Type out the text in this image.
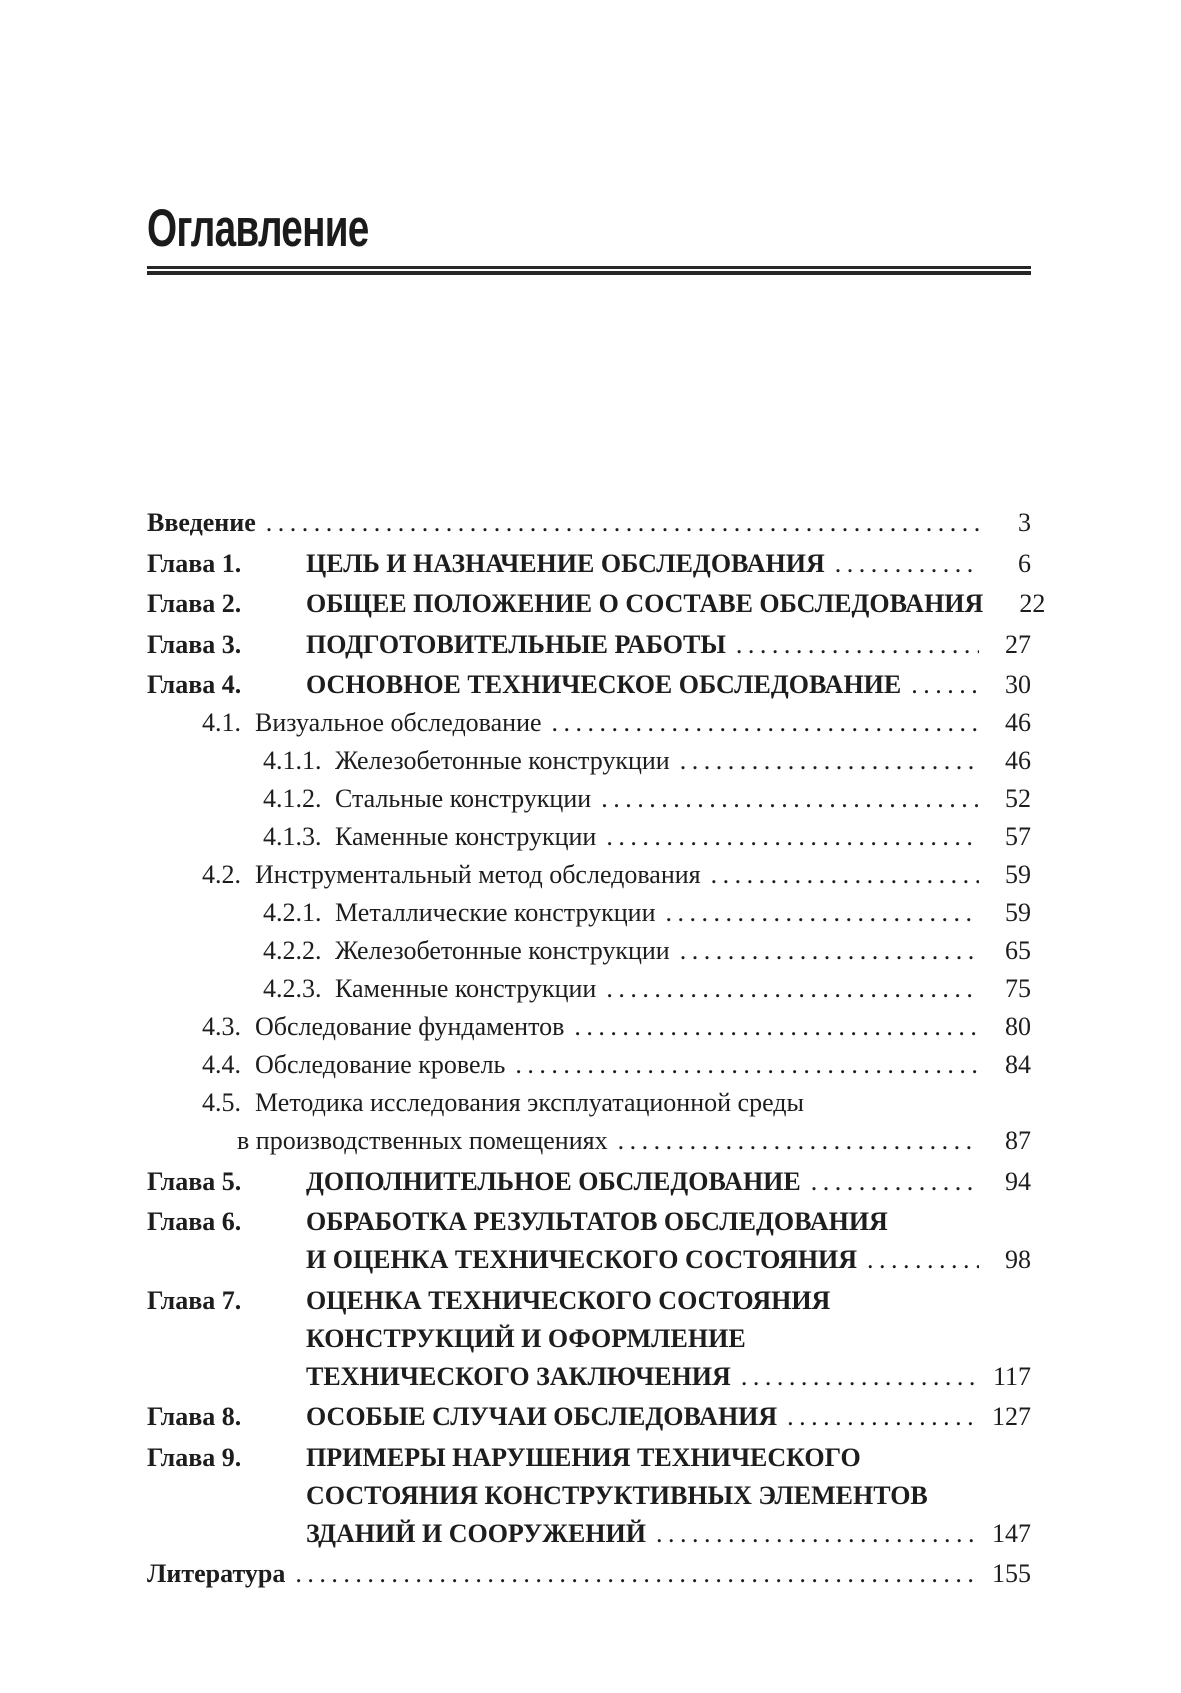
Оглавление
Введение .....	3
Глава 1.	ЦЕЛЬ И НАЗНАЧЕНИЕ ОБСЛЕДОВАНИЯ .....	6
Глава 2.	ОБЩЕЕ ПОЛОЖЕНИЕ О СОСТАВЕ ОБСЛЕДОВАНИЯ	22
Глава 3.	ПОДГОТОВИТЕЛЬНЫЕ РАБОТЫ .....	27
Глава 4.	ОСНОВНОЕ ТЕХНИЧЕСКОЕ ОБСЛЕДОВАНИЕ .....	30
4.1. Визуальное обследование .....	46
4.1.1. Железобетонные конструкции .....	46
4.1.2. Стальные конструкции .....	52
4.1.3. Каменные конструкции .....	57
4.2. Инструментальный метод обследования .....	59
4.2.1. Металлические конструкции .....	59
4.2.2. Железобетонные конструкции .....	65
4.2.3. Каменные конструкции .....	75
4.3. Обследование фундаментов .....	80
4.4. Обследование кровель .....	84
4.5. Методика исследования эксплуатационной среды
в производственных помещениях .....	87
Глава 5.	ДОПОЛНИТЕЛЬНОЕ ОБСЛЕДОВАНИЕ .....	94
Глава 6.	ОБРАБОТКА РЕЗУЛЬТАТОВ ОБСЛЕДОВАНИЯ
И ОЦЕНКА ТЕХНИЧЕСКОГО СОСТОЯНИЯ .....	98
Глава 7.	ОЦЕНКА ТЕХНИЧЕСКОГО СОСТОЯНИЯ
КОНСТРУКЦИЙ И ОФОРМЛЕНИЕ
ТЕХНИЧЕСКОГО ЗАКЛЮЧЕНИЯ .....	117
Глава 8.	ОСОБЫЕ СЛУЧАИ ОБСЛЕДОВАНИЯ .....	127
Глава 9.	ПРИМЕРЫ НАРУШЕНИЯ ТЕХНИЧЕСКОГО
СОСТОЯНИЯ КОНСТРУКТИВНЫХ ЭЛЕМЕНТОВ
ЗДАНИЙ И СООРУЖЕНИЙ .....	147
Литература .....	155
